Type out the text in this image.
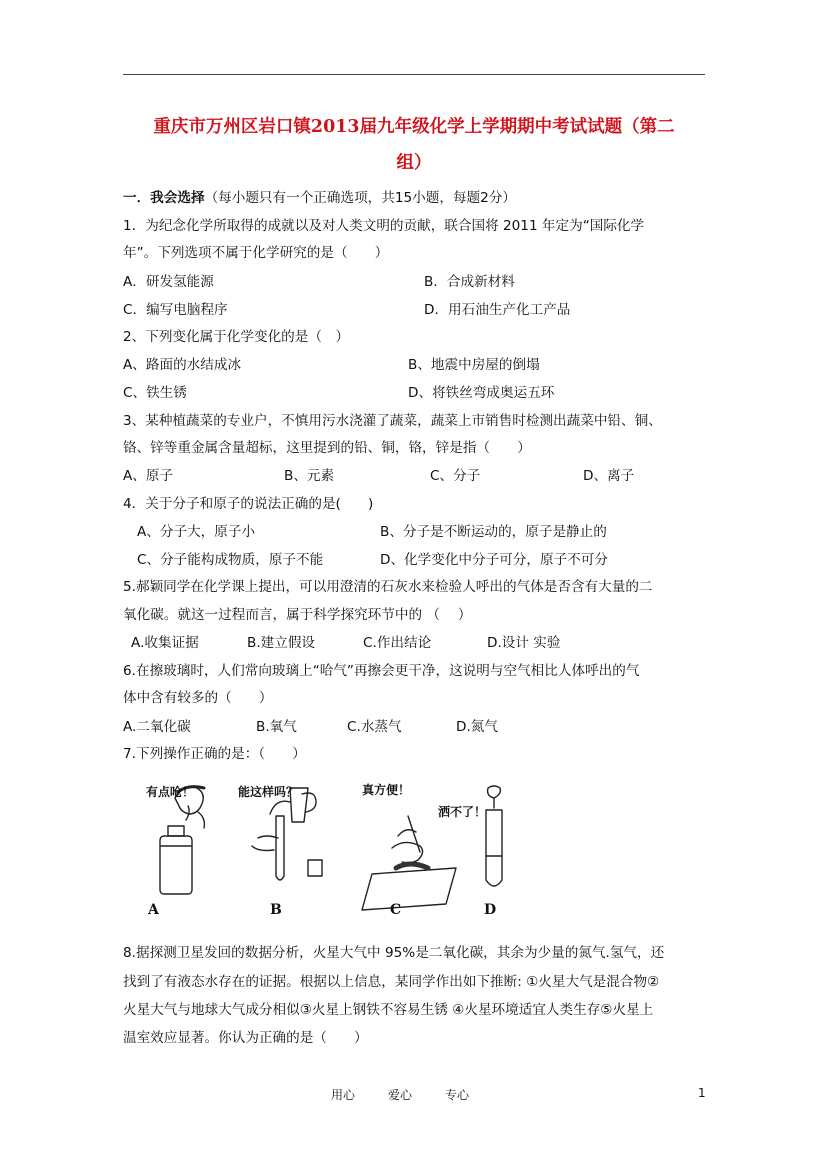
重庆市万州区岩口镇2013届九年级化学上学期期中考试试题（第二
组）
一．我会选择（每小题只有一个正确选项，共15小题，每题2分）
1．为纪念化学所取得的成就以及对人类文明的贡献，联合国将 2011 年定为“国际化学
年”。下列选项不属于化学研究的是（　　）
A．研发氢能源	B．合成新材料
C．编写电脑程序	D．用石油生产化工产品
2、下列变化属于化学变化的是（　）
A、路面的水结成冰	B、地震中房屋的倒塌
C、铁生锈	D、将铁丝弯成奥运五环
3、某种植蔬菜的专业户，不慎用污水浇灌了蔬菜，蔬菜上市销售时检测出蔬菜中铅、铜、
铬、锌等重金属含量超标，这里提到的铅、铜，铬，锌是指（　　）
A、原子	B、元素	C、分子	D、离子
4．关于分子和原子的说法正确的是(　　)
A、分子大，原子小	B、分子是不断运动的，原子是静止的
C、分子能构成物质，原子不能	D、化学变化中分子可分，原子不可分
5.郝颖同学在化学课上提出，可以用澄清的石灰水来检验人呼出的气体是否含有大量的二
氧化碳。就这一过程而言，属于科学探究环节中的 （　 ）
A.收集证据	B.建立假设	C.作出结论	D.设计 实验
6.在擦玻璃时，人们常向玻璃上“哈气”再擦会更干净，这说明与空气相比人体呼出的气
体中含有较多的（　　）
A.二氧化碳	B.氧气	C.水蒸气	D.氮气
7.下列操作正确的是：（　　）
有点呛！	能这样吗？	真方便！
洒不了！
A	B	C	D
8.据探测卫星发回的数据分析，火星大气中 95%是二氧化碳，其余为少量的氮气.氢气，还
找到了有液态水存在的证据。根据以上信息，某同学作出如下推断: ①火星大气是混合物②
火星大气与地球大气成分相似③火星上钢铁不容易生锈 ④火星环境适宜人类生存⑤火星上
温室效应显著。你认为正确的是（　　）
用心	爱心	专心	1
